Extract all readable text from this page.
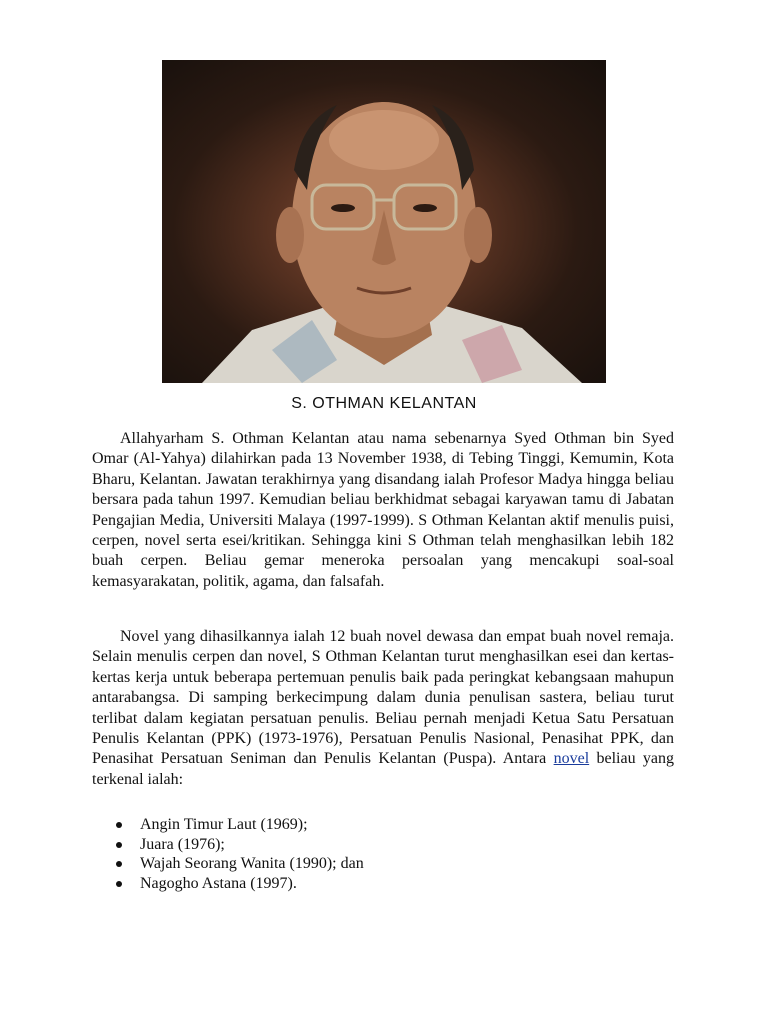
S. OTHMAN KELANTAN

Allahyarham S. Othman Kelantan atau nama sebenarnya Syed Othman bin Syed Omar (Al-Yahya) dilahirkan pada 13 November 1938, di Tebing Tinggi, Kemumin, Kota Bharu, Kelantan. Jawatan terakhirnya yang disandang ialah Profesor Madya hingga beliau bersara pada tahun 1997. Kemudian beliau berkhidmat sebagai karyawan tamu di Jabatan Pengajian Media, Universiti Malaya (1997-1999). S Othman Kelantan aktif menulis puisi, cerpen, novel serta esei/kritikan. Sehingga kini S Othman telah menghasilkan lebih 182 buah cerpen. Beliau gemar meneroka persoalan yang mencakupi soal-soal kemasyarakatan, politik, agama, dan falsafah.

Novel yang dihasilkannya ialah 12 buah novel dewasa dan empat buah novel remaja. Selain menulis cerpen dan novel, S Othman Kelantan turut menghasilkan esei dan kertas-kertas kerja untuk beberapa pertemuan penulis baik pada peringkat kebangsaan mahupun antarabangsa. Di samping berkecimpung dalam dunia penulisan sastera, beliau turut terlibat dalam kegiatan persatuan penulis. Beliau pernah menjadi Ketua Satu Persatuan Penulis Kelantan (PPK) (1973-1976), Persatuan Penulis Nasional, Penasihat PPK, dan Penasihat Persatuan Seniman dan Penulis Kelantan (Puspa). Antara novel beliau yang terkenal ialah:

Angin Timur Laut (1969);
Juara (1976);
Wajah Seorang Wanita (1990); dan
Nagogho Astana (1997).
